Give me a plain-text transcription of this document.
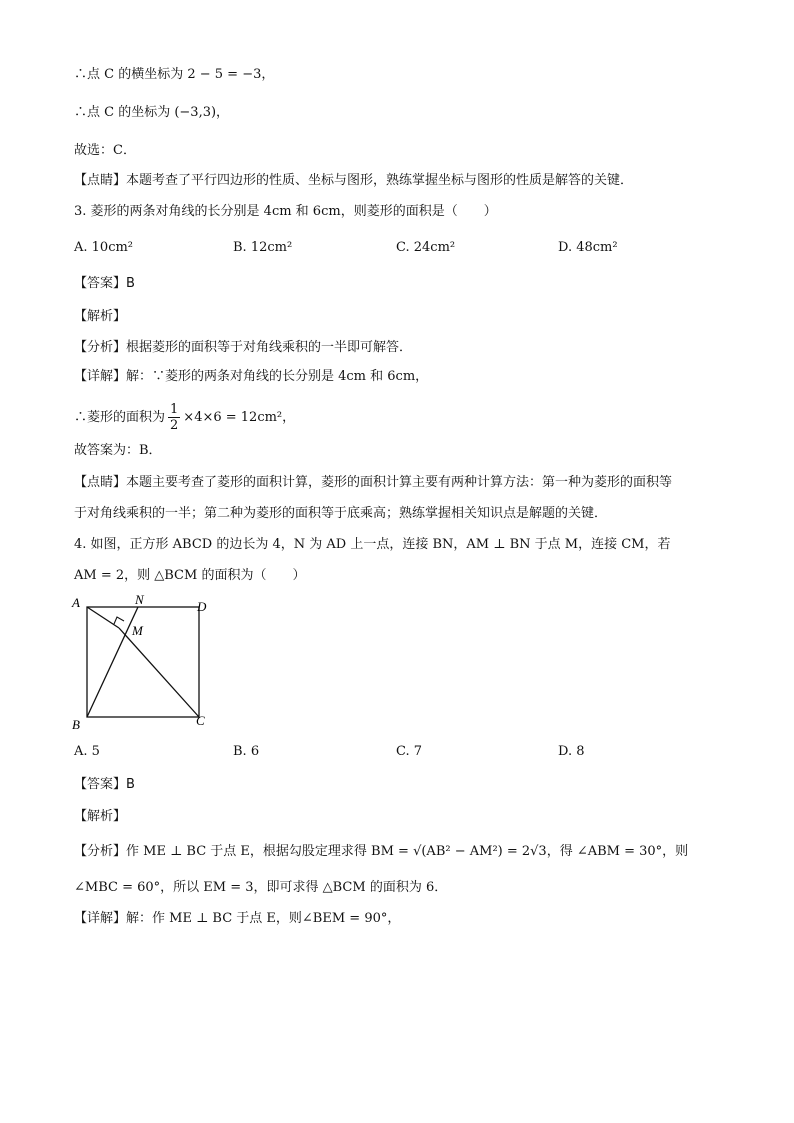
∴点 C 的横坐标为 2 − 5 = −3，
∴点 C 的坐标为 (−3,3)，
故选：C．
【点睛】本题考查了平行四边形的性质、坐标与图形，熟练掌握坐标与图形的性质是解答的关键．
3. 菱形的两条对角线的长分别是 4cm 和 6cm，则菱形的面积是（　　）
A. 10cm²	B. 12cm²	C. 24cm²	D. 48cm²
【答案】B
【解析】
【分析】根据菱形的面积等于对角线乘积的一半即可解答．
【详解】解：∵菱形的两条对角线的长分别是 4cm 和 6cm，
∴菱形的面积为 $\frac{1}{2} \times 4\times 6 = 12cm^2$，
故答案为：B．
【点睛】本题主要考查了菱形的面积计算，菱形的面积计算主要有两种计算方法：第一种为菱形的面积等
于对角线乘积的一半；第二种为菱形的面积等于底乘高；熟练掌握相关知识点是解题的关键．
4. 如图，正方形 ABCD 的边长为 4，N 为 AD 上一点，连接 BN，AM ⊥ BN 于点 M，连接 CM，若
AM = 2，则 △BCM 的面积为（　　）
A	N	D
M
B	C
A. 5	B. 6	C. 7	D. 8
【答案】B
【解析】
【分析】作 ME ⊥ BC 于点 E，根据勾股定理求得 BM = √(AB² − AM²) = 2√3，得 ∠ABM = 30°，则
∠MBC = 60°，所以 EM = 3，即可求得 △BCM 的面积为 6．
【详解】解：作 ME ⊥ BC 于点 E，则∠BEM = 90°，
